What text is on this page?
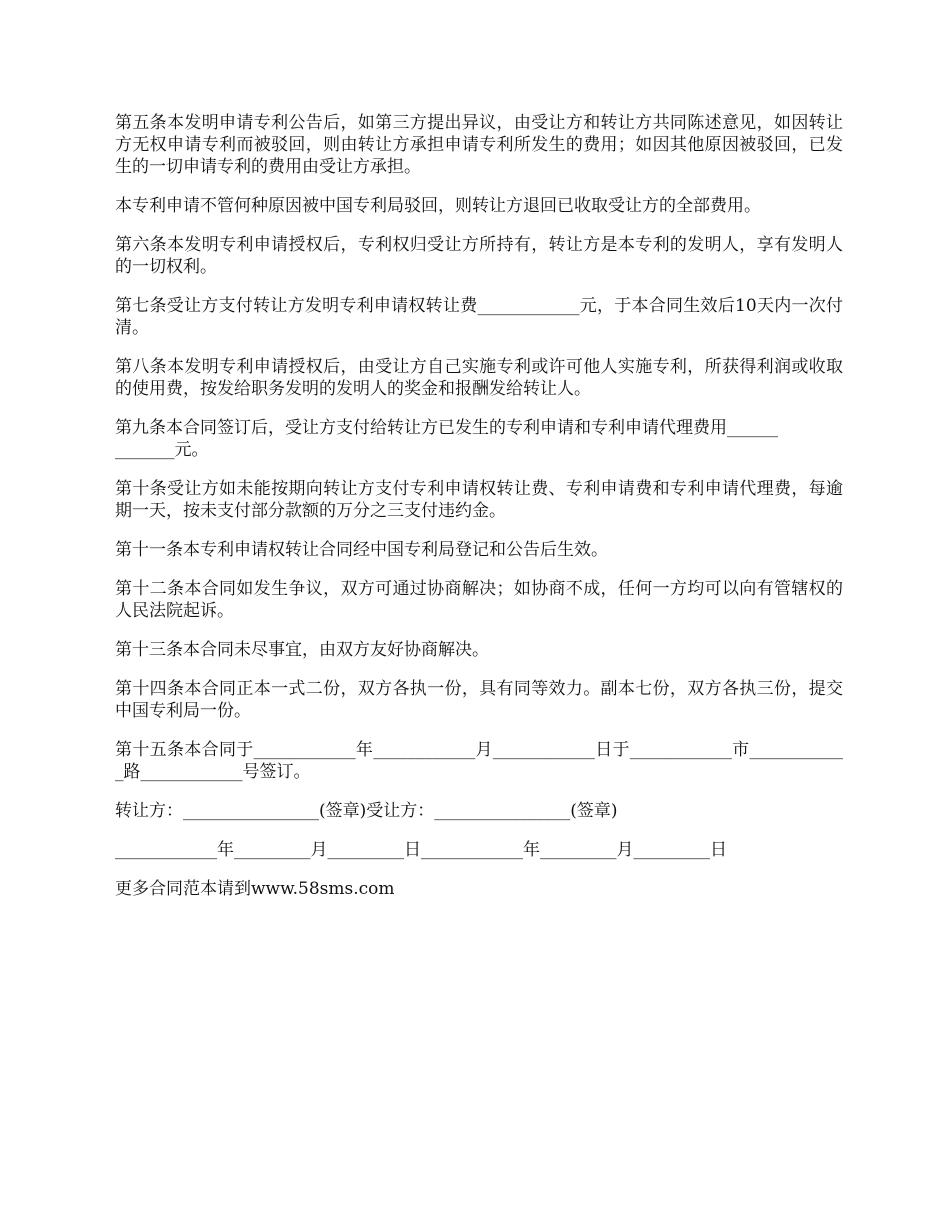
第五条本发明申请专利公告后，如第三方提出异议，由受让方和转让方共同陈述意见，如因转让方无权申请专利而被驳回，则由转让方承担申请专利所发生的费用；如因其他原因被驳回，已发生的一切申请专利的费用由受让方承担。

本专利申请不管何种原因被中国专利局驳回，则转让方退回已收取受让方的全部费用。

第六条本发明专利申请授权后，专利权归受让方所持有，转让方是本专利的发明人，享有发明人的一切权利。

第七条受让方支付转让方发明专利申请权转让费____________元，于本合同生效后10天内一次付清。

第八条本发明专利申请授权后，由受让方自己实施专利或许可他人实施专利，所获得利润或收取的使用费，按发给职务发明的发明人的奖金和报酬发给转让人。

第九条本合同签订后，受让方支付给转让方已发生的专利申请和专利申请代理费用______
_______元。

第十条受让方如未能按期向转让方支付专利申请权转让费、专利申请费和专利申请代理费，每逾期一天，按未支付部分款额的万分之三支付违约金。

第十一条本专利申请权转让合同经中国专利局登记和公告后生效。

第十二条本合同如发生争议，双方可通过协商解决；如协商不成，任何一方均可以向有管辖权的人民法院起诉。

第十三条本合同未尽事宜，由双方友好协商解决。

第十四条本合同正本一式二份，双方各执一份，具有同等效力。副本七份，双方各执三份，提交中国专利局一份。

第十五条本合同于____________年____________月____________日于____________市____________路____________号签订。

转让方：________________(签章)受让方：________________(签章)

____________年_________月_________日____________年_________月_________日

更多合同范本请到www.58sms.com
